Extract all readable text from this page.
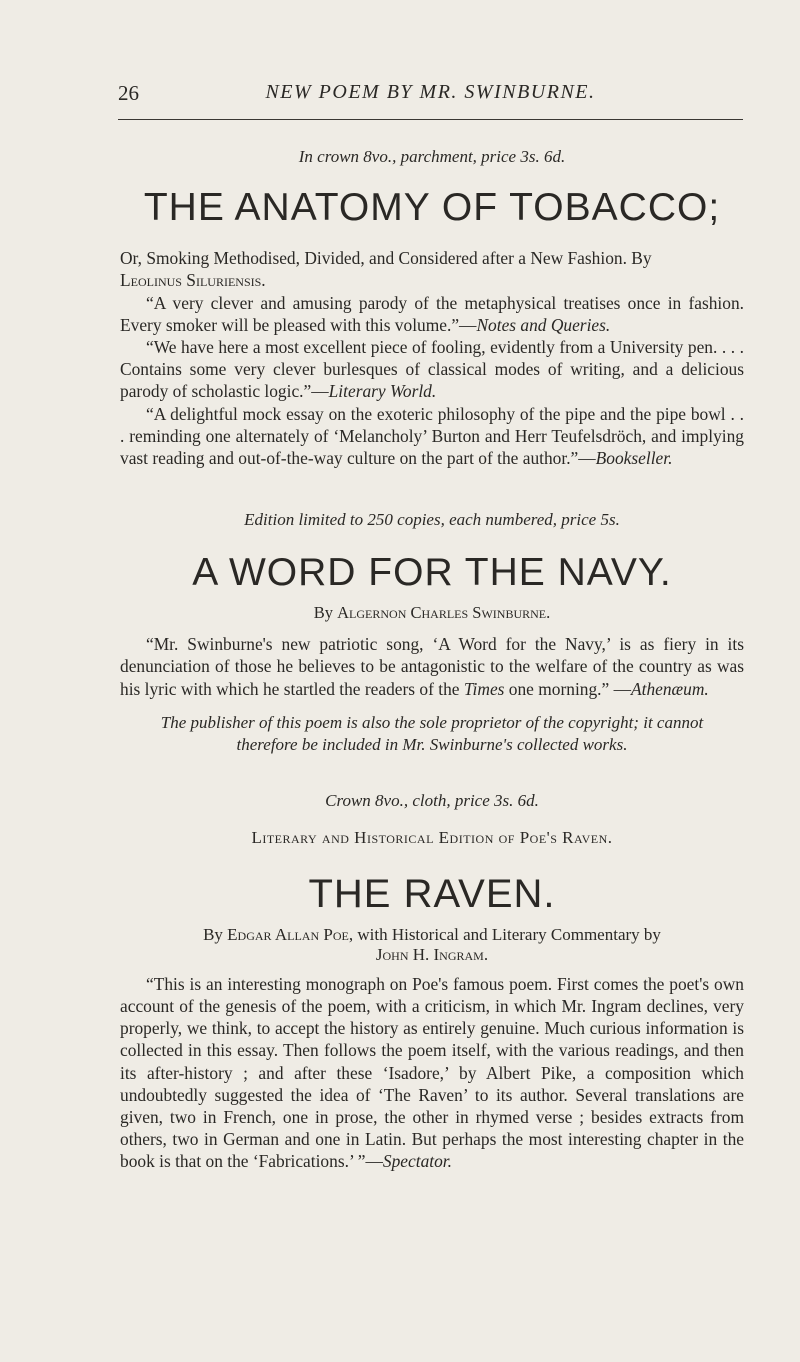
26	NEW POEM BY MR. SWINBURNE.

In crown 8vo., parchment, price 3s. 6d.

THE ANATOMY OF TOBACCO;

Or, Smoking Methodised, Divided, and Considered after a New Fashion. By
Leolinus Siluriensis.

“A very clever and amusing parody of the metaphysical treatises once in fashion. Every smoker will be pleased with this volume.”—Notes and Queries.

“We have here a most excellent piece of fooling, evidently from a University pen. . . . Contains some very clever burlesques of classical modes of writing, and a delicious parody of scholastic logic.”—Literary World.

“A delightful mock essay on the exoteric philosophy of the pipe and the pipe bowl . . . reminding one alternately of ‘Melancholy’ Burton and Herr Teufelsdröch, and implying vast reading and out-of-the-way culture on the part of the author.”—Bookseller.

Edition limited to 250 copies, each numbered, price 5s.

A WORD FOR THE NAVY.
By Algernon Charles Swinburne.

“Mr. Swinburne's new patriotic song, ‘A Word for the Navy,’ is as fiery in its denunciation of those he believes to be antagonistic to the welfare of the country as was his lyric with which he startled the readers of the Times one morning.” —Athenæum.

The publisher of this poem is also the sole proprietor of the copyright; it cannot
therefore be included in Mr. Swinburne's collected works.

Crown 8vo., cloth, price 3s. 6d.

Literary and Historical Edition of Poe's Raven.
THE RAVEN.
By Edgar Allan Poe, with Historical and Literary Commentary by
John H. Ingram.

“This is an interesting monograph on Poe's famous poem. First comes the poet's own account of the genesis of the poem, with a criticism, in which Mr. Ingram declines, very properly, we think, to accept the history as entirely genuine. Much curious information is collected in this essay. Then follows the poem itself, with the various readings, and then its after-history ; and after these ‘Isadore,’ by Albert Pike, a composition which undoubtedly suggested the idea of ‘The Raven’ to its author. Several translations are given, two in French, one in prose, the other in rhymed verse ; besides extracts from others, two in German and one in Latin. But perhaps the most interesting chapter in the book is that on the ‘Fabrications.’ ”—Spectator.
